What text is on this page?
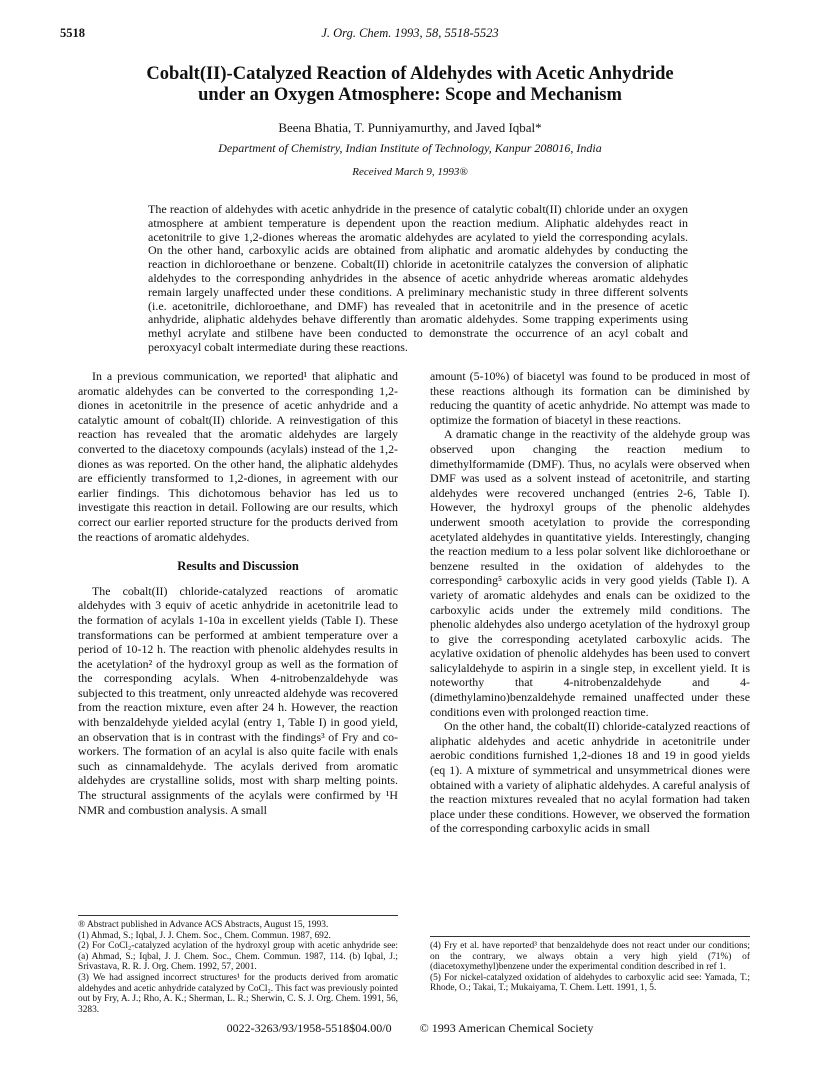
5518	J. Org. Chem. 1993, 58, 5518-5523
Cobalt(II)-Catalyzed Reaction of Aldehydes with Acetic Anhydride
under an Oxygen Atmosphere: Scope and Mechanism
Beena Bhatia, T. Punniyamurthy, and Javed Iqbal*
Department of Chemistry, Indian Institute of Technology, Kanpur 208016, India
Received March 9, 1993®

The reaction of aldehydes with acetic anhydride in the presence of catalytic cobalt(II) chloride under an oxygen atmosphere at ambient temperature is dependent upon the reaction medium. Aliphatic aldehydes react in acetonitrile to give 1,2-diones whereas the aromatic aldehydes are acylated to yield the corresponding acylals. On the other hand, carboxylic acids are obtained from aliphatic and aromatic aldehydes by conducting the reaction in dichloroethane or benzene. Cobalt(II) chloride in acetonitrile catalyzes the conversion of aliphatic aldehydes to the corresponding anhydrides in the absence of acetic anhydride whereas aromatic aldehydes remain largely unaffected under these conditions. A preliminary mechanistic study in three different solvents (i.e. acetonitrile, dichloroethane, and DMF) has revealed that in acetonitrile and in the presence of acetic anhydride, aliphatic aldehydes behave differently than aromatic aldehydes. Some trapping experiments using methyl acrylate and stilbene have been conducted to demonstrate the occurrence of an acyl cobalt and peroxyacyl cobalt intermediate during these reactions.

In a previous communication, we reported¹ that aliphatic and aromatic aldehydes can be converted to the corresponding 1,2-diones in acetonitrile in the presence of acetic anhydride and a catalytic amount of cobalt(II) chloride. A reinvestigation of this reaction has revealed that the aromatic aldehydes are largely converted to the diacetoxy compounds (acylals) instead of the 1,2-diones as was reported. On the other hand, the aliphatic aldehydes are efficiently transformed to 1,2-diones, in agreement with our earlier findings. This dichotomous behavior has led us to investigate this reaction in detail. Following are our results, which correct our earlier reported structure for the products derived from the reactions of aromatic aldehydes.

Results and Discussion

The cobalt(II) chloride-catalyzed reactions of aromatic aldehydes with 3 equiv of acetic anhydride in acetonitrile lead to the formation of acylals 1-10a in excellent yields (Table I). These transformations can be performed at ambient temperature over a period of 10-12 h. The reaction with phenolic aldehydes results in the acetylation² of the hydroxyl group as well as the formation of the corresponding acylals. When 4-nitrobenzaldehyde was subjected to this treatment, only unreacted aldehyde was recovered from the reaction mixture, even after 24 h. However, the reaction with benzaldehyde yielded acylal (entry 1, Table I) in good yield, an observation that is in contrast with the findings³ of Fry and co-workers. The formation of an acylal is also quite facile with enals such as cinnamaldehyde. The acylals derived from aromatic aldehydes are crystalline solids, most with sharp melting points. The structural assignments of the acylals were confirmed by ¹H NMR and combustion analysis. A small

® Abstract published in Advance ACS Abstracts, August 15, 1993.

(1) Ahmad, S.; Iqbal, J. J. Chem. Soc., Chem. Commun. 1987, 692.

(2) For CoCl₂-catalyzed acylation of the hydroxyl group with acetic anhydride see: (a) Ahmad, S.; Iqbal, J. J. Chem. Soc., Chem. Commun. 1987, 114. (b) Iqbal, J.; Srivastava, R. R. J. Org. Chem. 1992, 57, 2001.

(3) We had assigned incorrect structures¹ for the products derived from aromatic aldehydes and acetic anhydride catalyzed by CoCl₂. This fact was previously pointed out by Fry, A. J.; Rho, A. K.; Sherman, L. R.; Sherwin, C. S. J. Org. Chem. 1991, 56, 3283.

amount (5-10%) of biacetyl was found to be produced in most of these reactions although its formation can be diminished by reducing the quantity of acetic anhydride. No attempt was made to optimize the formation of biacetyl in these reactions.

A dramatic change in the reactivity of the aldehyde group was observed upon changing the reaction medium to dimethylformamide (DMF). Thus, no acylals were observed when DMF was used as a solvent instead of acetonitrile, and starting aldehydes were recovered unchanged (entries 2-6, Table I). However, the hydroxyl groups of the phenolic aldehydes underwent smooth acetylation to provide the corresponding acetylated aldehydes in quantitative yields. Interestingly, changing the reaction medium to a less polar solvent like dichloroethane or benzene resulted in the oxidation of aldehydes to the corresponding⁵ carboxylic acids in very good yields (Table I). A variety of aromatic aldehydes and enals can be oxidized to the carboxylic acids under the extremely mild conditions. The phenolic aldehydes also undergo acetylation of the hydroxyl group to give the corresponding acetylated carboxylic acids. The acylative oxidation of phenolic aldehydes has been used to convert salicylaldehyde to aspirin in a single step, in excellent yield. It is noteworthy that 4-nitrobenzaldehyde and 4-(dimethylamino)benzaldehyde remained unaffected under these conditions even with prolonged reaction time.

On the other hand, the cobalt(II) chloride-catalyzed reactions of aliphatic aldehydes and acetic anhydride in acetonitrile under aerobic conditions furnished 1,2-diones 18 and 19 in good yields (eq 1). A mixture of symmetrical and unsymmetrical diones were obtained with a variety of aliphatic aldehydes. A careful analysis of the reaction mixtures revealed that no acylal formation had taken place under these conditions. However, we observed the formation of the corresponding carboxylic acids in small

(4) Fry et al. have reported³ that benzaldehyde does not react under our conditions; on the contrary, we always obtain a very high yield (71%) of (diacetoxymethyl)benzene under the experimental condition described in ref 1.

(5) For nickel-catalyzed oxidation of aldehydes to carboxylic acid see: Yamada, T.; Rhode, O.; Takai, T.; Mukaiyama, T. Chem. Lett. 1991, 1, 5.

0022-3263/93/1958-5518$04.00/0 © 1993 American Chemical Society
